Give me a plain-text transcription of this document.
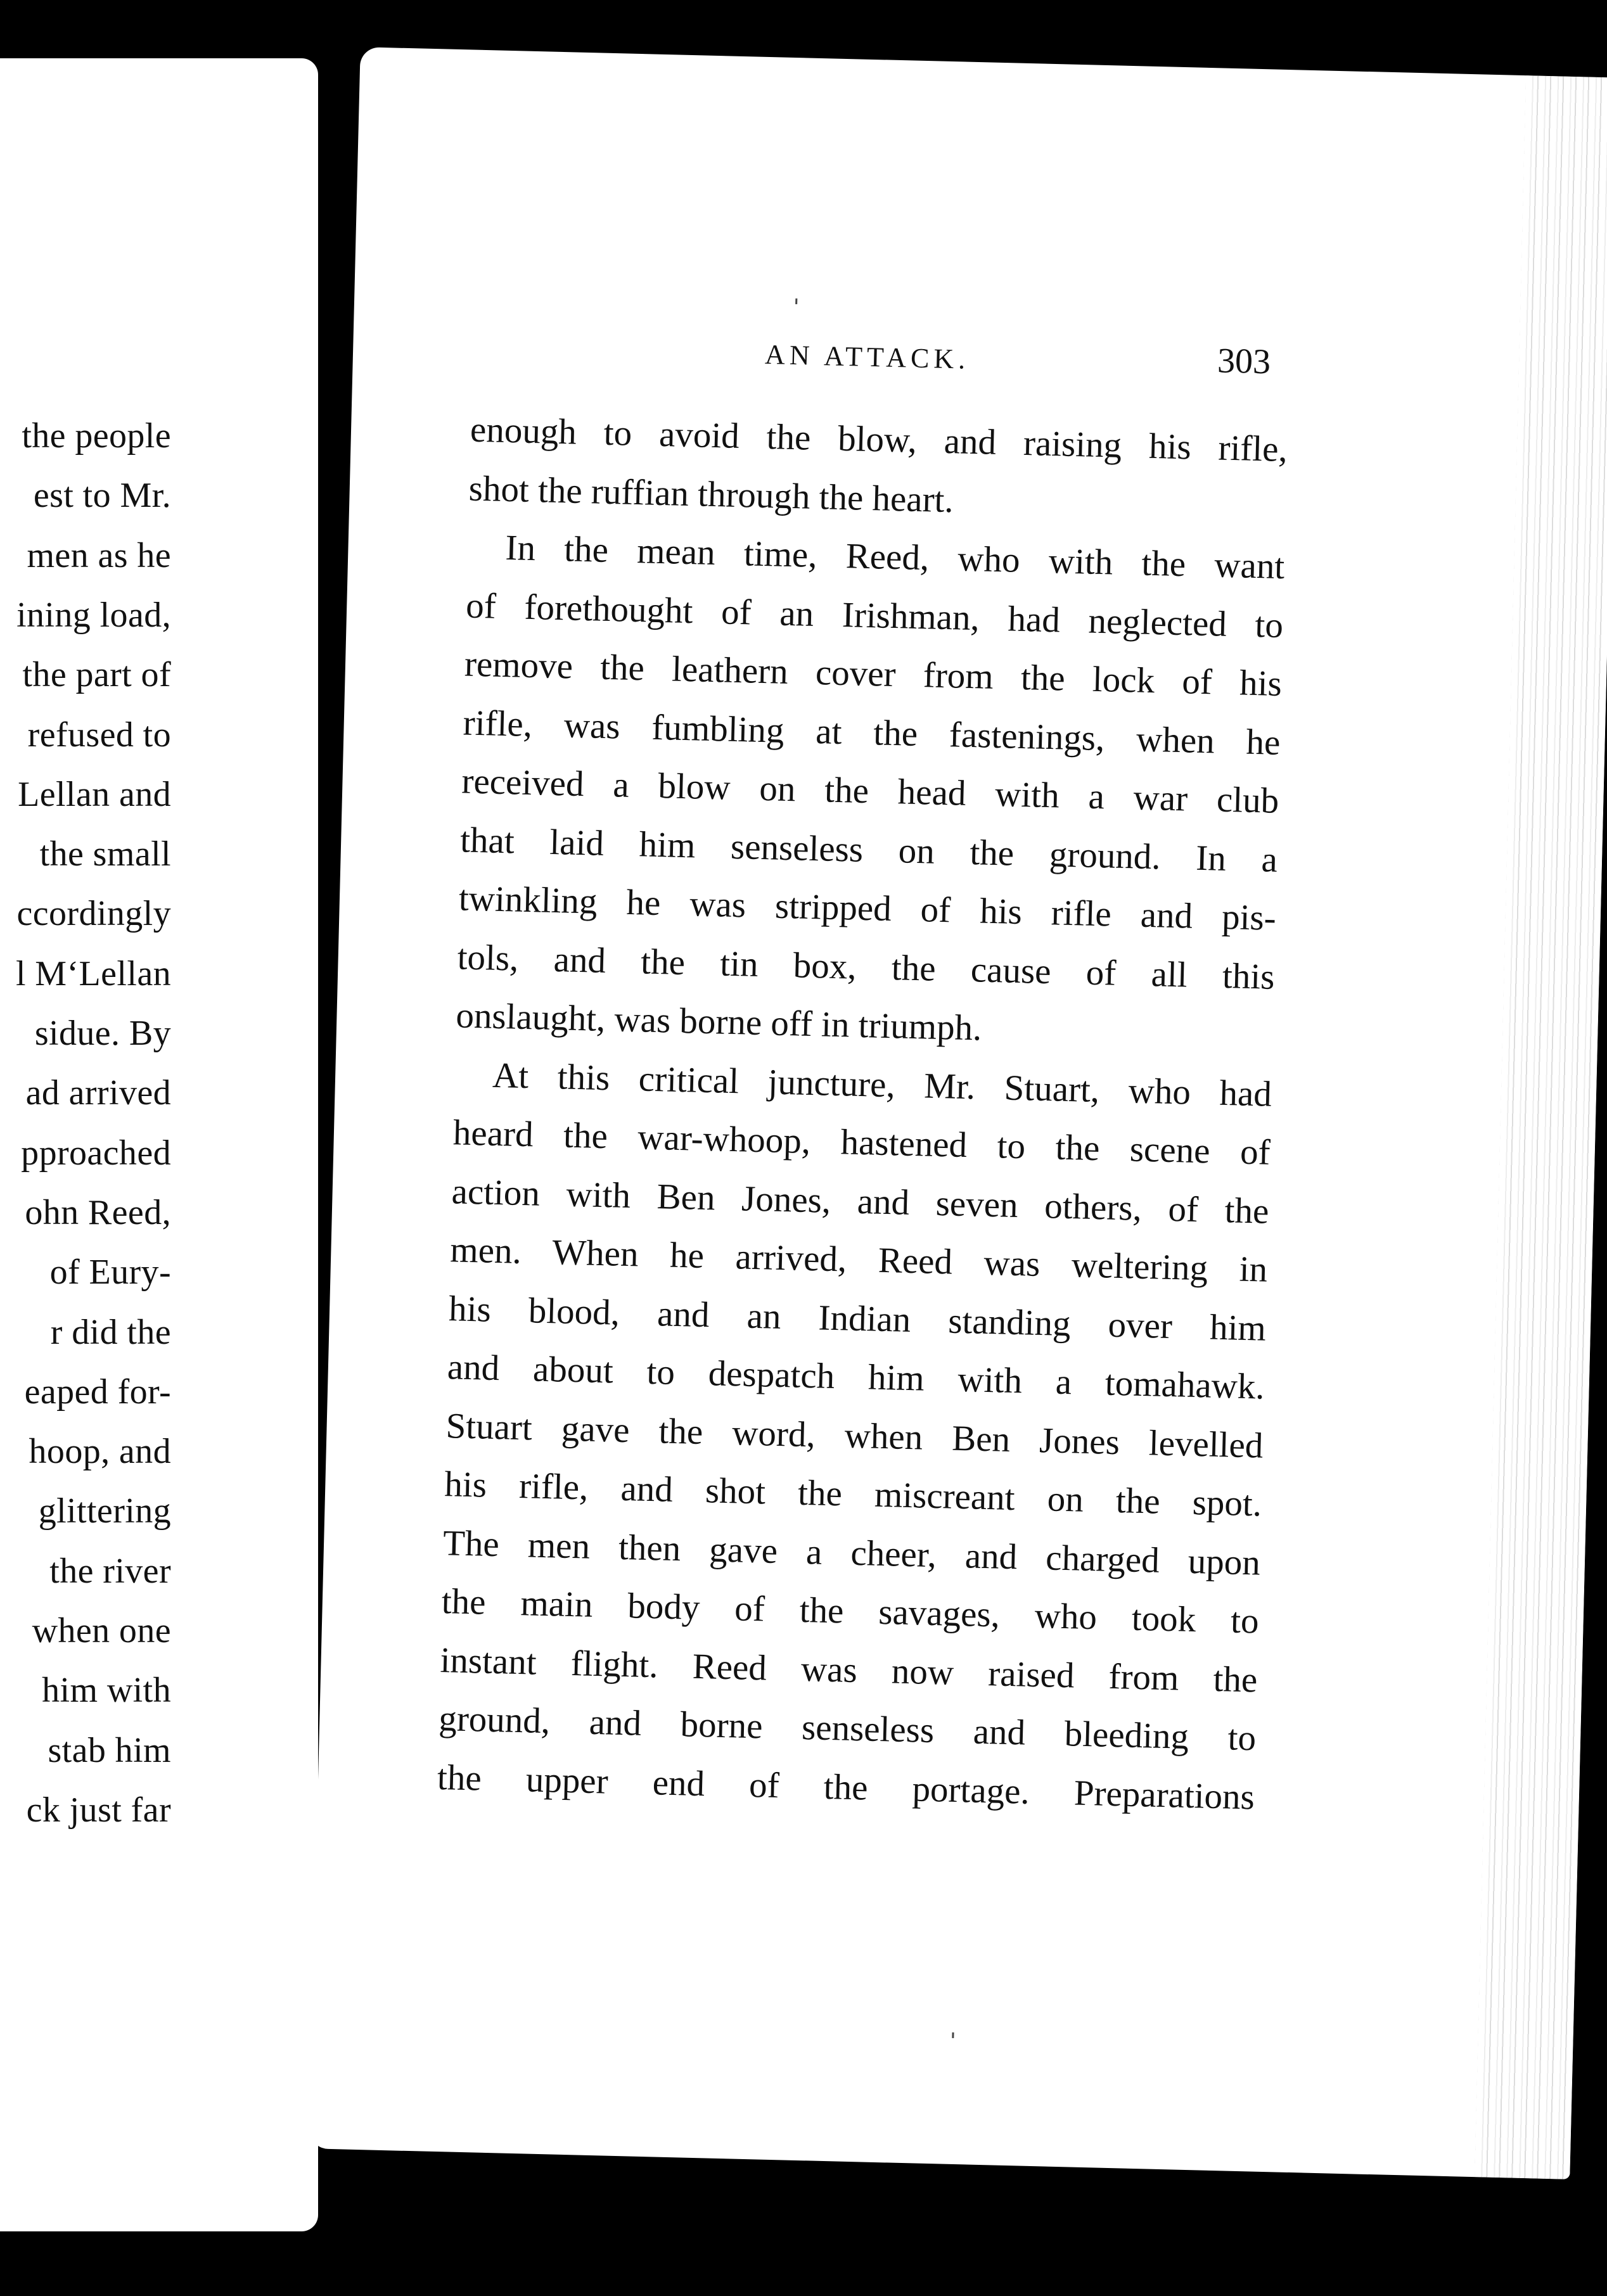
the people
est to Mr.
men as he
ining load,
the part of
refused to
Lellan and
the small
ccordingly
l M‘Lellan
sidue. By
ad arrived
pproached
ohn Reed,
of Eury-
r did the
eaped for-
hoop, and
glittering
the river
when one
him with
stab him
ck just far
AN ATTACK.	303
enough to avoid the blow, and raising his rifle,
shot the ruffian through the heart.
In the mean time, Reed, who with the want
of forethought of an Irishman, had neglected to
remove the leathern cover from the lock of his
rifle, was fumbling at the fastenings, when he
received a blow on the head with a war club
that laid him senseless on the ground. In a
twinkling he was stripped of his rifle and pis-
tols, and the tin box, the cause of all this
onslaught, was borne off in triumph.
At this critical juncture, Mr. Stuart, who had
heard the war-whoop, hastened to the scene of
action with Ben Jones, and seven others, of the
men. When he arrived, Reed was weltering in
his blood, and an Indian standing over him
and about to despatch him with a tomahawk.
Stuart gave the word, when Ben Jones levelled
his rifle, and shot the miscreant on the spot.
The men then gave a cheer, and charged upon
the main body of the savages, who took to
instant flight. Reed was now raised from the
ground, and borne senseless and bleeding to
the upper end of the portage. Preparations
